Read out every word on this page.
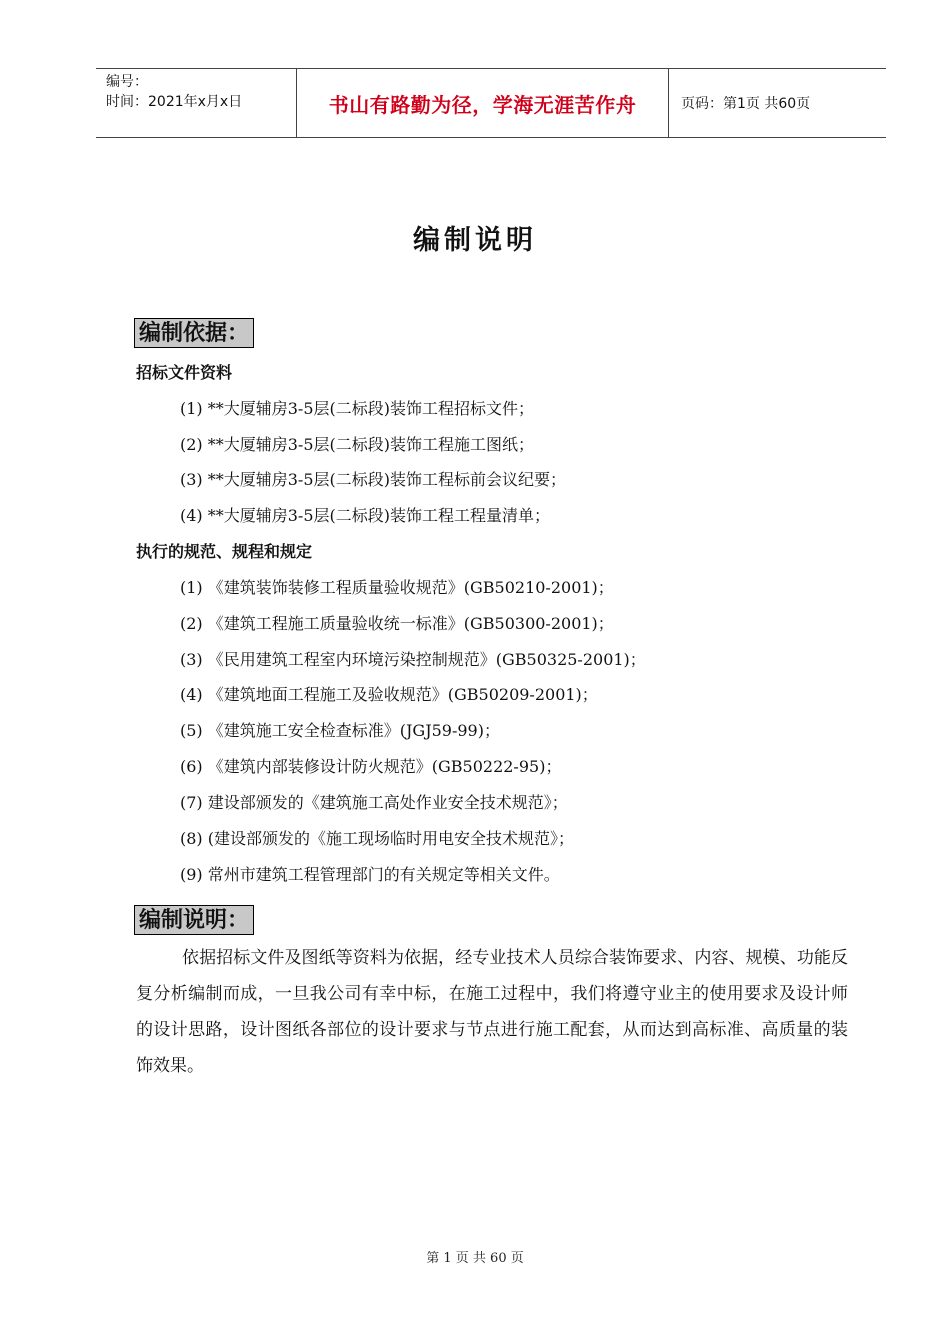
编号：
时间：2021年x月x日	书山有路勤为径，学海无涯苦作舟	页码：第1页 共60页
编制说明
编制依据：
招标文件资料
(1) **大厦辅房3-5层(二标段)装饰工程招标文件；
(2) **大厦辅房3-5层(二标段)装饰工程施工图纸；
(3) **大厦辅房3-5层(二标段)装饰工程标前会议纪要；
(4) **大厦辅房3-5层(二标段)装饰工程工程量清单；
执行的规范、规程和规定
(1) 《建筑装饰装修工程质量验收规范》(GB50210-2001)；
(2) 《建筑工程施工质量验收统一标准》(GB50300-2001)；
(3) 《民用建筑工程室内环境污染控制规范》(GB50325-2001)；
(4) 《建筑地面工程施工及验收规范》(GB50209-2001)；
(5) 《建筑施工安全检查标准》(JGJ59-99)；
(6) 《建筑内部装修设计防火规范》(GB50222-95)；
(7) 建设部颁发的《建筑施工高处作业安全技术规范》；
(8) (建设部颁发的《施工现场临时用电安全技术规范》；
(9) 常州市建筑工程管理部门的有关规定等相关文件。
编制说明：
依据招标文件及图纸等资料为依据，经专业技术人员综合装饰要求、内容、规模、功能反复分析编制而成，一旦我公司有幸中标，在施工过程中，我们将遵守业主的使用要求及设计师的设计思路，设计图纸各部位的设计要求与节点进行施工配套，从而达到高标准、高质量的装饰效果。
第 1 页 共 60 页
